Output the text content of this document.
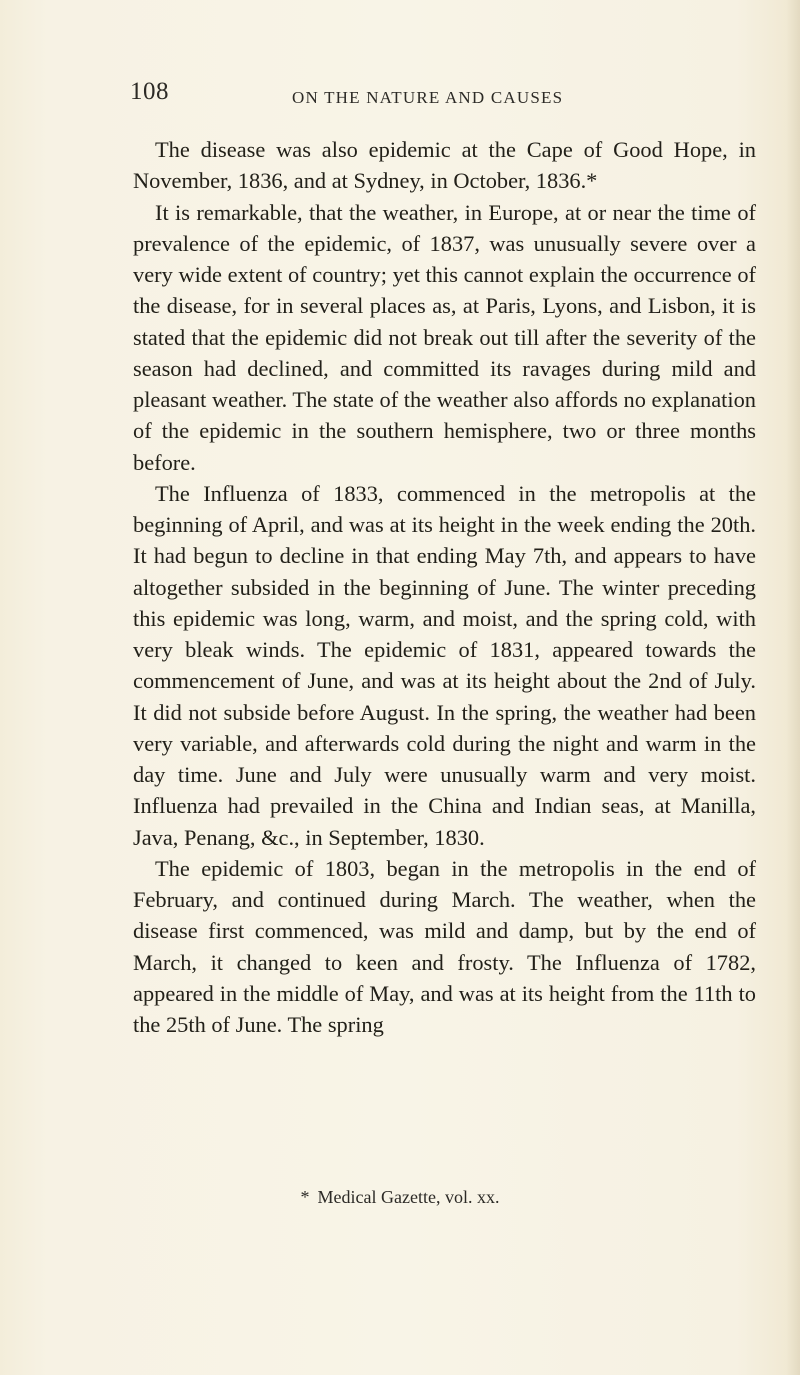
108	ON THE NATURE AND CAUSES

The disease was also epidemic at the Cape of Good Hope, in November, 1836, and at Sydney, in October, 1836.*

It is remarkable, that the weather, in Europe, at or near the time of prevalence of the epidemic, of 1837, was unusually severe over a very wide extent of country; yet this cannot explain the occurrence of the disease, for in several places as, at Paris, Lyons, and Lisbon, it is stated that the epidemic did not break out till after the severity of the season had declined, and committed its ravages during mild and pleasant weather. The state of the weather also affords no explanation of the epidemic in the southern hemisphere, two or three months before.

The Influenza of 1833, commenced in the metropolis at the beginning of April, and was at its height in the week ending the 20th. It had begun to decline in that ending May 7th, and appears to have altogether subsided in the beginning of June. The winter preceding this epidemic was long, warm, and moist, and the spring cold, with very bleak winds. The epidemic of 1831, appeared towards the commencement of June, and was at its height about the 2nd of July. It did not subside before August. In the spring, the weather had been very variable, and afterwards cold during the night and warm in the day time. June and July were unusually warm and very moist. Influenza had prevailed in the China and Indian seas, at Manilla, Java, Penang, &c., in September, 1830.

The epidemic of 1803, began in the metropolis in the end of February, and continued during March. The weather, when the disease first commenced, was mild and damp, but by the end of March, it changed to keen and frosty. The Influenza of 1782, appeared in the middle of May, and was at its height from the 11th to the 25th of June. The spring

* Medical Gazette, vol. xx.
